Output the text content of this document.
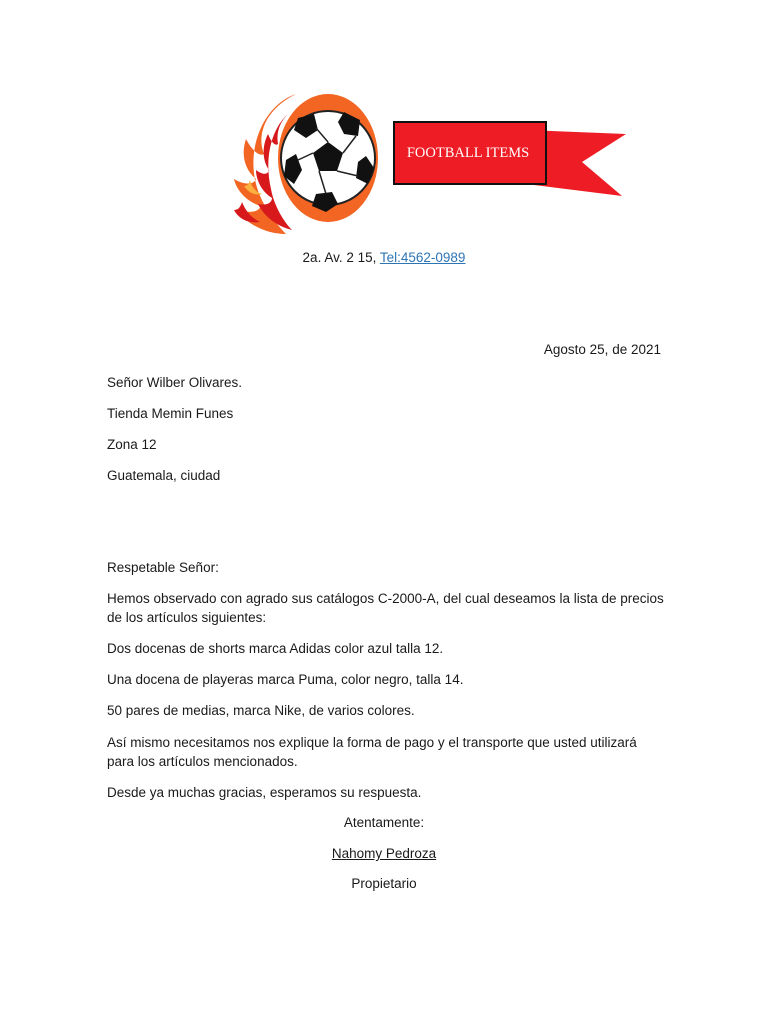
FOOTBALL ITEMS
2a. Av. 2 15, Tel:4562-0989
Agosto 25, de 2021
Señor Wilber Olivares.
Tienda Memin Funes
Zona 12
Guatemala, ciudad
Respetable Señor:
Hemos observado con agrado sus catálogos C-2000-A, del cual deseamos la lista de precios de los artículos siguientes:
Dos docenas de shorts marca Adidas color azul talla 12.
Una docena de playeras marca Puma, color negro, talla 14.
50 pares de medias, marca Nike, de varios colores.
Así mismo necesitamos nos explique la forma de pago y el transporte que usted utilizará para los artículos mencionados.
Desde ya muchas gracias, esperamos su respuesta.
Atentamente:
Nahomy Pedroza
Propietario
